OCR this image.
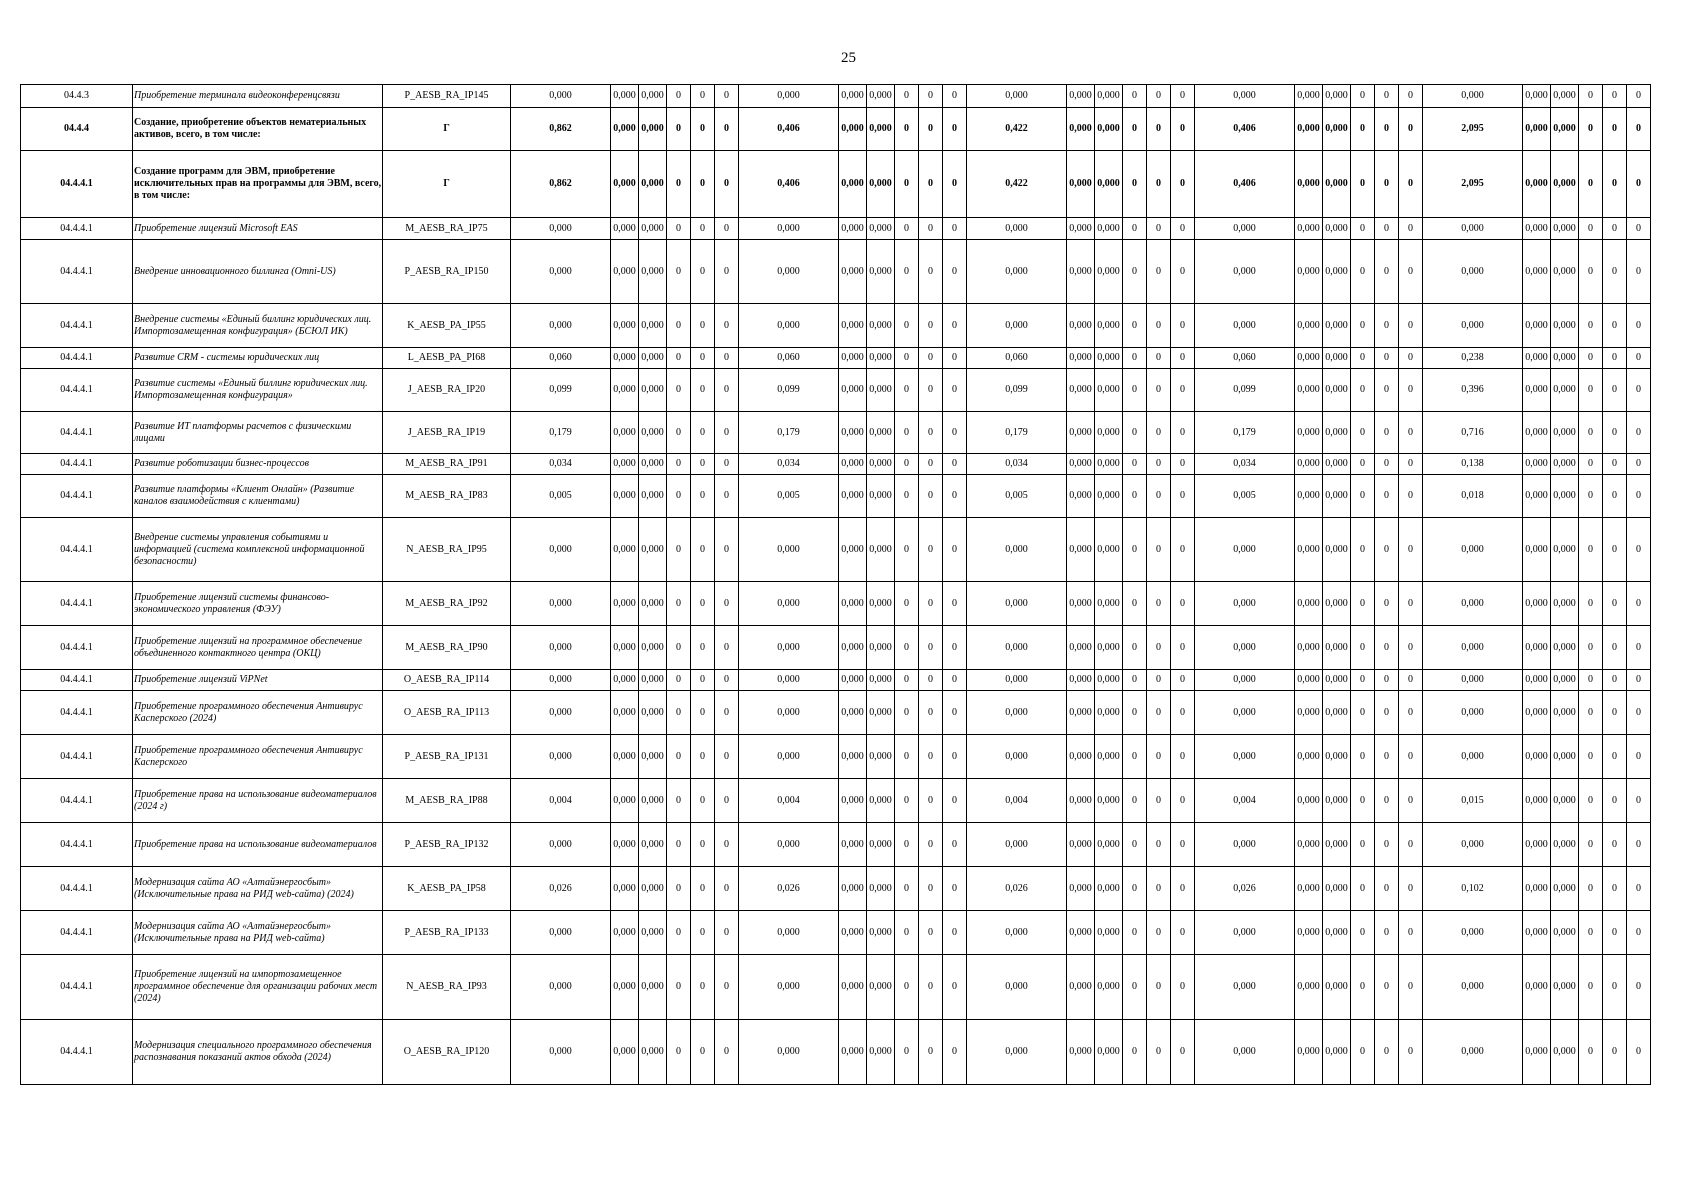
25
04.4.3	Приобретение терминала видеоконференцсвязи	P_AESB_RA_IP145	0,000	0,000	0,000	0	0	0	0,000	0,000	0,000	0	0	0	0,000	0,000	0,000	0	0	0	0,000	0,000	0,000	0	0	0	0,000	0,000	0,000	0	0	0
04.4.4	Создание, приобретение объектов нематериальных активов, всего, в том числе:	Г	0,862	0,000	0,000	0	0	0	0,406	0,000	0,000	0	0	0	0,422	0,000	0,000	0	0	0	0,406	0,000	0,000	0	0	0	2,095	0,000	0,000	0	0	0
04.4.4.1	Создание программ для ЭВМ, приобретение исключительных прав на программы для ЭВМ, всего, в том числе:	Г	0,862	0,000	0,000	0	0	0	0,406	0,000	0,000	0	0	0	0,422	0,000	0,000	0	0	0	0,406	0,000	0,000	0	0	0	2,095	0,000	0,000	0	0	0
04.4.4.1	Приобретение лицензий Microsoft EAS	M_AESB_RA_IP75	0,000	0,000	0,000	0	0	0	0,000	0,000	0,000	0	0	0	0,000	0,000	0,000	0	0	0	0,000	0,000	0,000	0	0	0	0,000	0,000	0,000	0	0	0
04.4.4.1	Внедрение инновационного биллинга (Omni-US)	P_AESB_RA_IP150	0,000	0,000	0,000	0	0	0	0,000	0,000	0,000	0	0	0	0,000	0,000	0,000	0	0	0	0,000	0,000	0,000	0	0	0	0,000	0,000	0,000	0	0	0
04.4.4.1	Внедрение системы «Единый биллинг юридических лиц. Импортозамещенная конфигурация» (БСЮЛ ИК)	K_AESB_PA_IP55	0,000	0,000	0,000	0	0	0	0,000	0,000	0,000	0	0	0	0,000	0,000	0,000	0	0	0	0,000	0,000	0,000	0	0	0	0,000	0,000	0,000	0	0	0
04.4.4.1	Развитие CRM - системы юридических лиц	L_AESB_PA_PI68	0,060	0,000	0,000	0	0	0	0,060	0,000	0,000	0	0	0	0,060	0,000	0,000	0	0	0	0,060	0,000	0,000	0	0	0	0,238	0,000	0,000	0	0	0
04.4.4.1	Развитие системы «Единый биллинг юридических лиц. Импортозамещенная конфигурация»	J_AESB_RA_IP20	0,099	0,000	0,000	0	0	0	0,099	0,000	0,000	0	0	0	0,099	0,000	0,000	0	0	0	0,099	0,000	0,000	0	0	0	0,396	0,000	0,000	0	0	0
04.4.4.1	Развитие ИТ платформы расчетов с физическими лицами	J_AESB_RA_IP19	0,179	0,000	0,000	0	0	0	0,179	0,000	0,000	0	0	0	0,179	0,000	0,000	0	0	0	0,179	0,000	0,000	0	0	0	0,716	0,000	0,000	0	0	0
04.4.4.1	Развитие роботизации бизнес-процессов	M_AESB_RA_IP91	0,034	0,000	0,000	0	0	0	0,034	0,000	0,000	0	0	0	0,034	0,000	0,000	0	0	0	0,034	0,000	0,000	0	0	0	0,138	0,000	0,000	0	0	0
04.4.4.1	Развитие платформы «Клиент Онлайн» (Развитие каналов взаимодействия с клиентами)	M_AESB_RA_IP83	0,005	0,000	0,000	0	0	0	0,005	0,000	0,000	0	0	0	0,005	0,000	0,000	0	0	0	0,005	0,000	0,000	0	0	0	0,018	0,000	0,000	0	0	0
04.4.4.1	Внедрение системы управления событиями и информацией (система комплексной информационной безопасности)	N_AESB_RA_IP95	0,000	0,000	0,000	0	0	0	0,000	0,000	0,000	0	0	0	0,000	0,000	0,000	0	0	0	0,000	0,000	0,000	0	0	0	0,000	0,000	0,000	0	0	0
04.4.4.1	Приобретение лицензий системы финансово-экономического управления (ФЭУ)	M_AESB_RA_IP92	0,000	0,000	0,000	0	0	0	0,000	0,000	0,000	0	0	0	0,000	0,000	0,000	0	0	0	0,000	0,000	0,000	0	0	0	0,000	0,000	0,000	0	0	0
04.4.4.1	Приобретение лицензий на программное обеспечение объединенного контактного центра (ОКЦ)	M_AESB_RA_IP90	0,000	0,000	0,000	0	0	0	0,000	0,000	0,000	0	0	0	0,000	0,000	0,000	0	0	0	0,000	0,000	0,000	0	0	0	0,000	0,000	0,000	0	0	0
04.4.4.1	Приобретение лицензий ViPNet	O_AESB_RA_IP114	0,000	0,000	0,000	0	0	0	0,000	0,000	0,000	0	0	0	0,000	0,000	0,000	0	0	0	0,000	0,000	0,000	0	0	0	0,000	0,000	0,000	0	0	0
04.4.4.1	Приобретение программного обеспечения Антивирус Касперского (2024)	O_AESB_RA_IP113	0,000	0,000	0,000	0	0	0	0,000	0,000	0,000	0	0	0	0,000	0,000	0,000	0	0	0	0,000	0,000	0,000	0	0	0	0,000	0,000	0,000	0	0	0
04.4.4.1	Приобретение программного обеспечения Антивирус Касперского	P_AESB_RA_IP131	0,000	0,000	0,000	0	0	0	0,000	0,000	0,000	0	0	0	0,000	0,000	0,000	0	0	0	0,000	0,000	0,000	0	0	0	0,000	0,000	0,000	0	0	0
04.4.4.1	Приобретение права на использование видеоматериалов (2024 г)	M_AESB_RA_IP88	0,004	0,000	0,000	0	0	0	0,004	0,000	0,000	0	0	0	0,004	0,000	0,000	0	0	0	0,004	0,000	0,000	0	0	0	0,015	0,000	0,000	0	0	0
04.4.4.1	Приобретение права на использование видеоматериалов	P_AESB_RA_IP132	0,000	0,000	0,000	0	0	0	0,000	0,000	0,000	0	0	0	0,000	0,000	0,000	0	0	0	0,000	0,000	0,000	0	0	0	0,000	0,000	0,000	0	0	0
04.4.4.1	Модернизация сайта АО «Алтайэнергосбыт» (Исключительные права на РИД web-сайта) (2024)	K_AESB_PA_IP58	0,026	0,000	0,000	0	0	0	0,026	0,000	0,000	0	0	0	0,026	0,000	0,000	0	0	0	0,026	0,000	0,000	0	0	0	0,102	0,000	0,000	0	0	0
04.4.4.1	Модернизация сайта АО «Алтайэнергосбыт» (Исключительные права на РИД web-сайта)	P_AESB_RA_IP133	0,000	0,000	0,000	0	0	0	0,000	0,000	0,000	0	0	0	0,000	0,000	0,000	0	0	0	0,000	0,000	0,000	0	0	0	0,000	0,000	0,000	0	0	0
04.4.4.1	Приобретение лицензий на импортозамещенное программное обеспечение для организации рабочих мест (2024)	N_AESB_RA_IP93	0,000	0,000	0,000	0	0	0	0,000	0,000	0,000	0	0	0	0,000	0,000	0,000	0	0	0	0,000	0,000	0,000	0	0	0	0,000	0,000	0,000	0	0	0
04.4.4.1	Модернизация специального программного обеспечения распознавания показаний актов обхода (2024)	O_AESB_RA_IP120	0,000	0,000	0,000	0	0	0	0,000	0,000	0,000	0	0	0	0,000	0,000	0,000	0	0	0	0,000	0,000	0,000	0	0	0	0,000	0,000	0,000	0	0	0
